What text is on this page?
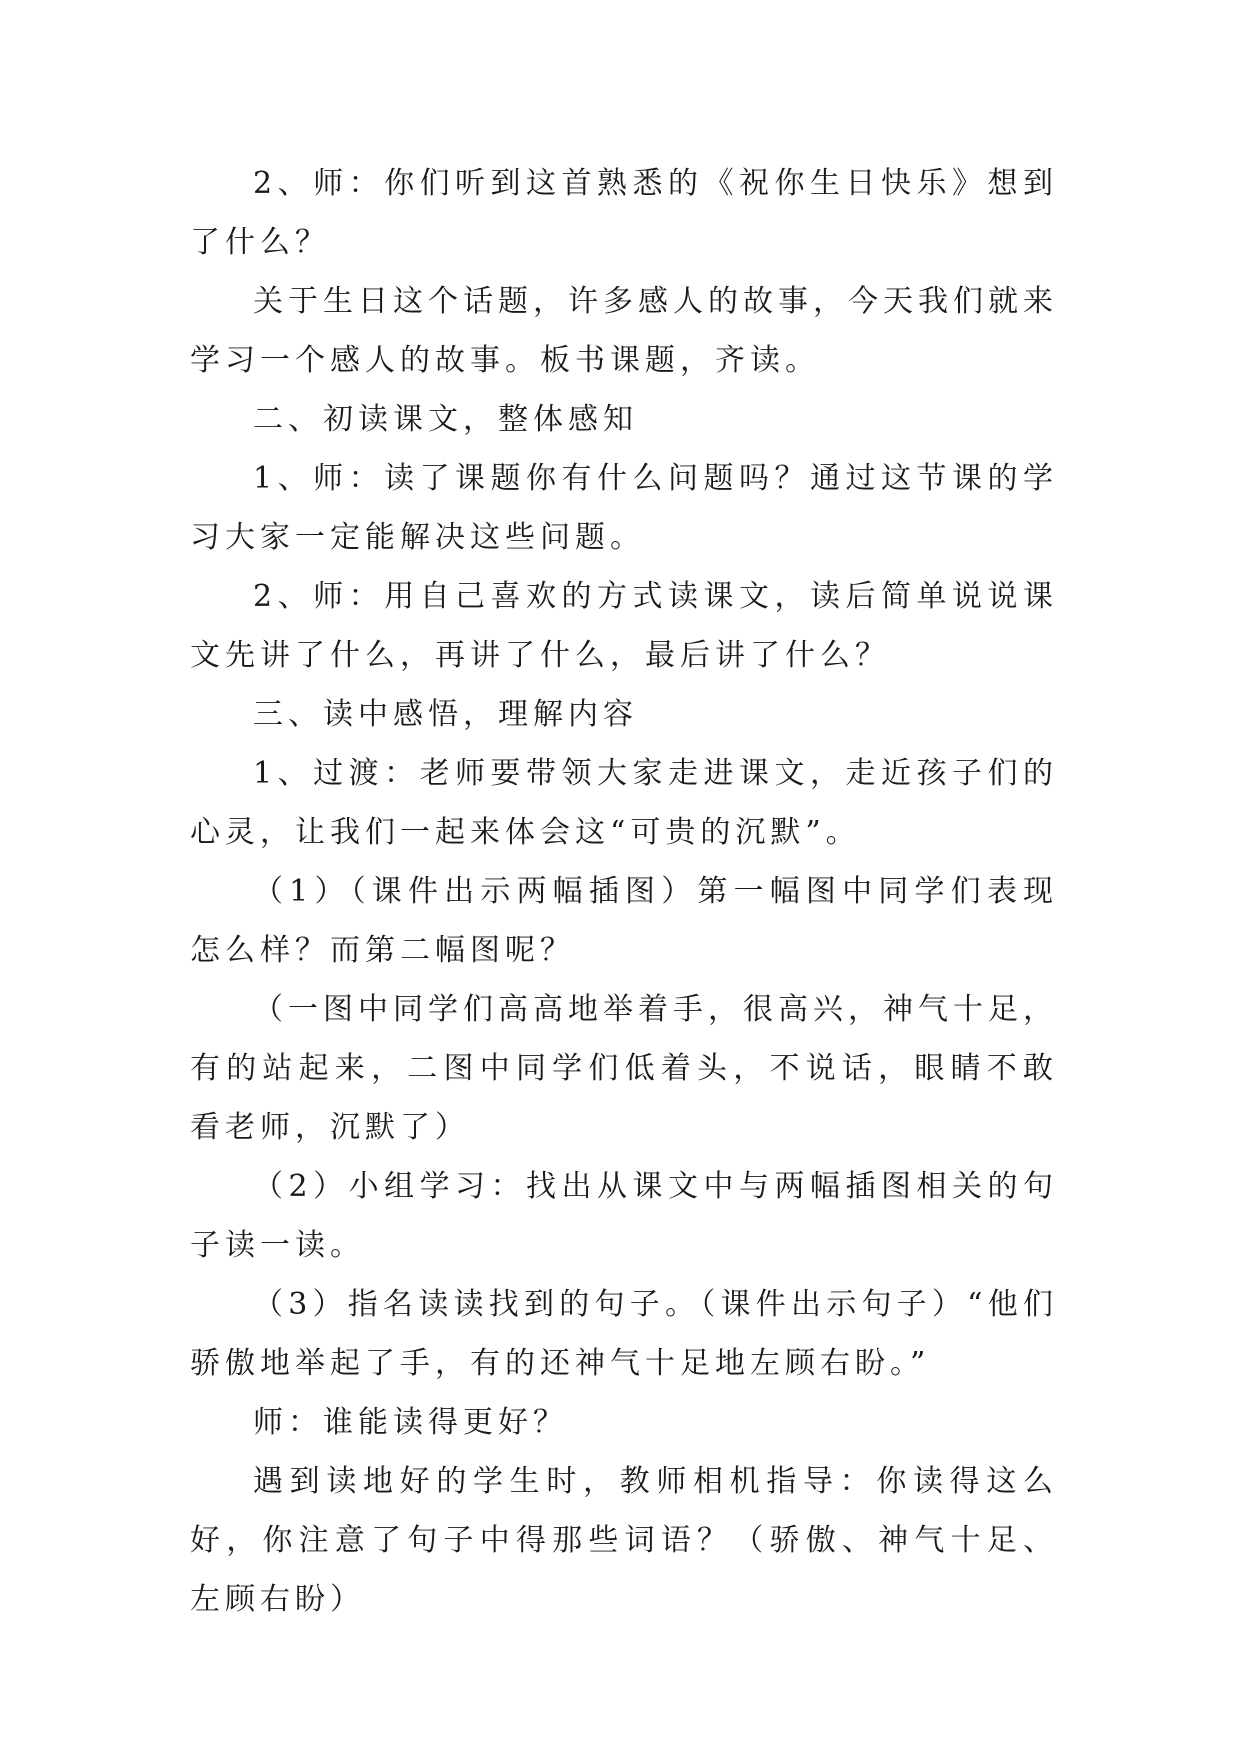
2、师：你们听到这首熟悉的《祝你生日快乐》想到了什么？

关于生日这个话题，许多感人的故事，今天我们就来学习一个感人的故事。板书课题，齐读。

二、初读课文，整体感知

1、师：读了课题你有什么问题吗？通过这节课的学习大家一定能解决这些问题。

2、师：用自己喜欢的方式读课文，读后简单说说课文先讲了什么，再讲了什么，最后讲了什么？

三、读中感悟，理解内容

1、过渡：老师要带领大家走进课文，走近孩子们的心灵，让我们一起来体会这“可贵的沉默”。

（1）（课件出示两幅插图）第一幅图中同学们表现怎么样？而第二幅图呢？

（一图中同学们高高地举着手，很高兴，神气十足，有的站起来，二图中同学们低着头，不说话，眼睛不敢看老师，沉默了）

（2）小组学习：找出从课文中与两幅插图相关的句子读一读。

（3）指名读读找到的句子。（课件出示句子）“他们骄傲地举起了手，有的还神气十足地左顾右盼。”

师：谁能读得更好？

遇到读地好的学生时，教师相机指导：你读得这么好，你注意了句子中得那些词语？（骄傲、神气十足、左顾右盼）
